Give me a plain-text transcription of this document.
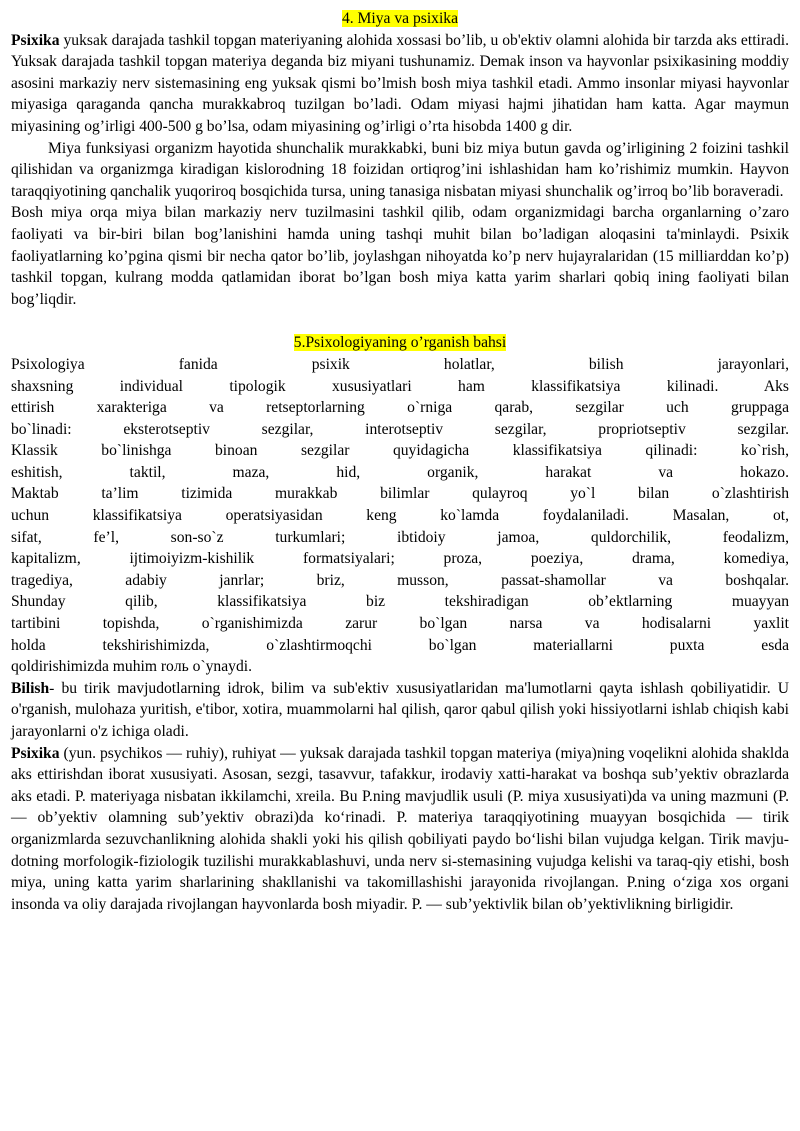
4. Miya va psixika

Psixika yuksak darajada tashkil topgan materiyaning alohida xossasi bo’lib, u ob'ektiv olamni alohida bir tarzda aks ettiradi. Yuksak darajada tashkil topgan materiya deganda biz miyani tushunamiz. Demak inson va hayvonlar psixikasining moddiy asosini markaziy nerv sistemasining eng yuksak qismi bo’lmish bosh miya tashkil etadi. Ammo insonlar miyasi hayvonlar miyasiga qaraganda qancha murakkabroq tuzilgan bo’ladi. Odam miyasi hajmi jihatidan ham katta. Agar maymun miyasining og’irligi 400-500 g bo’lsa, odam miyasining og’irligi o’rta hisobda 1400 g dir.

Miya funksiyasi organizm hayotida shunchalik murakkabki, buni biz miya butun gavda og’irligining 2 foizini tashkil qilishidan va organizmga kiradigan kislorodning 18 foizidan ortiqrog’ini ishlashidan ham ko’rishimiz mumkin. Hayvon taraqqiyotining qanchalik yuqoriroq bosqichida tursa, uning tanasiga nisbatan miyasi shunchalik og’irroq bo’lib boraveradi.

Bosh miya orqa miya bilan markaziy nerv tuzilmasini tashkil qilib, odam organizmidagi barcha organlarning o’zaro faoliyati va bir-biri bilan bog’lanishini hamda uning tashqi muhit bilan bo’ladigan aloqasini ta'minlaydi. Psixik faoliyatlarning ko’pgina qismi bir necha qator bo’lib, joylashgan nihoyatda ko’p nerv hujayralaridan (15 milliarddan ko’p) tashkil topgan, kulrang modda qatlamidan iborat bo’lgan bosh miya katta yarim sharlari qobiq ining faoliyati bilan bog’liqdir.

5.Psixologiyaning o’rganish bahsi
Psixologiya fanida psixik holatlar, bilish jarayonlari,
shaxsning individual tipologik xususiyatlari ham klassifikatsiya kilinadi. Aks
ettirish xarakteriga va retseptorlarning o`rniga qarab, sezgilar uch gruppaga
bo`linadi: eksterotseptiv sezgilar, interotseptiv sezgilar, propriotseptiv sezgilar.
Klassik bo`linishga binoan sezgilar quyidagicha klassifikatsiya qilinadi: ko`rish,
eshitish, taktil, maza, hid, organik, harakat va hokazo.
Maktab ta’lim tizimida murakkab bilimlar qulayroq yo`l bilan o`zlashtirish
uchun klassifikatsiya operatsiyasidan keng ko`lamda foydalaniladi. Masalan, ot,
sifat, fe’l, son-so`z turkumlari; ibtidoiy jamoa, quldorchilik, feodalizm,
kapitalizm, ijtimoiyizm-kishilik formatsiyalari; proza, poeziya, drama, komediya,
tragediya, adabiy janrlar; briz, musson, passat-shamollar va boshqalar.
Shunday qilib, klassifikatsiya biz tekshiradigan ob’ektlarning muayyan
tartibini topishda, o`rganishimizda zarur bo`lgan narsa va hodisalarni yaxlit
holda tekshirishimizda, o`zlashtirmoqchi bo`lgan materiallarni puxta esda
qoldirishimizda muhim roль o`ynaydi.

Bilish- bu tirik mavjudotlarning idrok, bilim va sub'ektiv xususiyatlaridan ma'lumotlarni qayta ishlash qobiliyatidir. U o'rganish, mulohaza yuritish, e'tibor, xotira, muammolarni hal qilish, qaror qabul qilish yoki hissiyotlarni ishlab chiqish kabi jarayonlarni o'z ichiga oladi.

Psixika (yun. psychikos — ruhiy), ruhiyat — yuksak darajada tashkil topgan materiya (miya)ning voqelikni alohida shaklda aks ettirishdan iborat xususiyati. Asosan, sezgi, tasavvur, tafakkur, irodaviy xatti-harakat va boshqa sub’yektiv obrazlarda aks etadi. P. materiyaga nisbatan ikkilamchi, xreila. Bu P.ning mavjudlik usuli (P. miya xususiyati)da va uning mazmuni (P. — ob’yektiv olamning sub’yektiv obrazi)da ko‘rinadi. P. materiya taraqqiyotining muayyan bosqichida — tirik organizmlarda sezuvchanlikning alohida shakli yoki his qilish qobiliyati paydo bo‘lishi bilan vujudga kelgan. Tirik mavju-dotning morfologik-fiziologik tuzilishi murakkablashuvi, unda nerv si-stemasining vujudga kelishi va taraq-qiy etishi, bosh miya, uning katta yarim sharlarining shakllanishi va takomillashishi jarayonida rivojlangan. P.ning o‘ziga xos organi insonda va oliy darajada rivojlangan hayvonlarda bosh miyadir. P. — sub’yektivlik bilan ob’yektivlikning birligidir.
